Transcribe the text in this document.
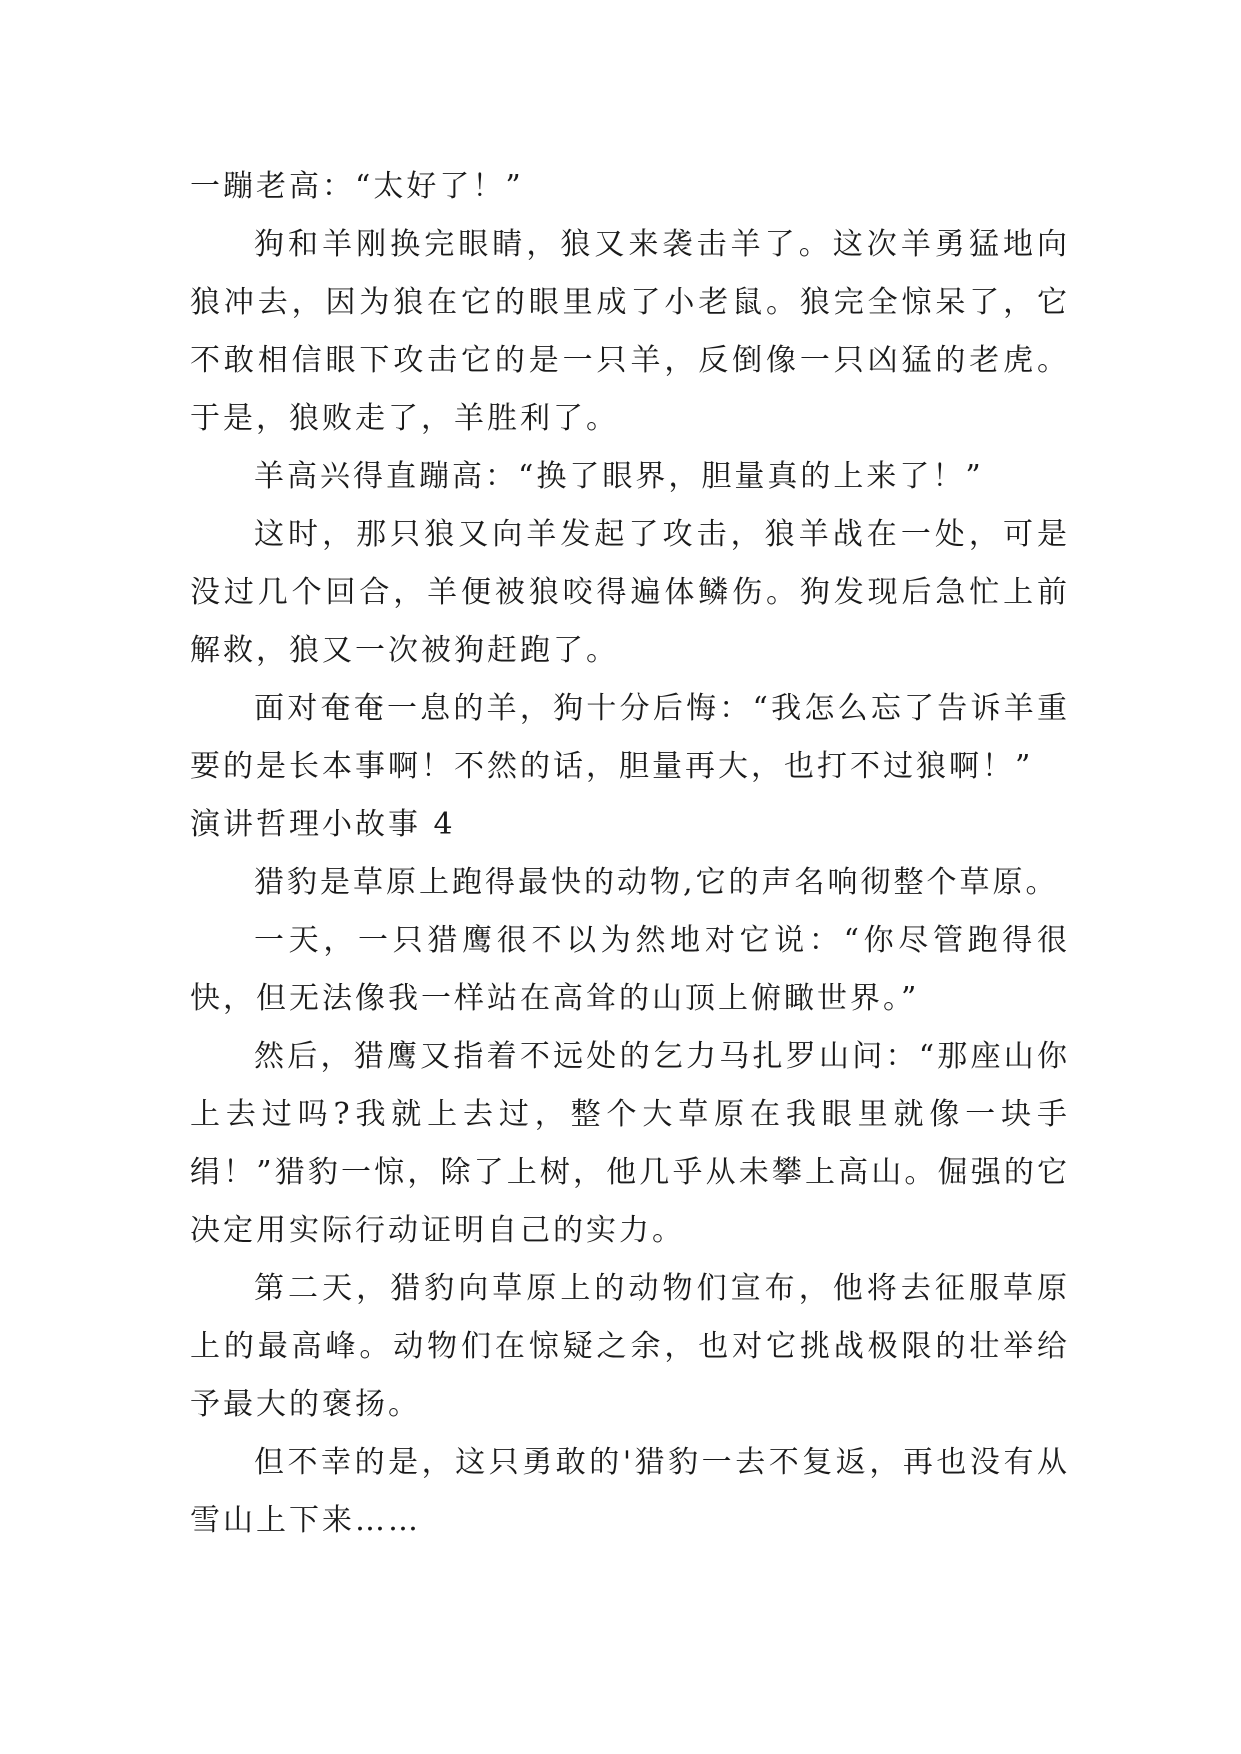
一蹦老高：“太好了！”

狗和羊刚换完眼睛，狼又来袭击羊了。这次羊勇猛地向狼冲去，因为狼在它的眼里成了小老鼠。狼完全惊呆了，它不敢相信眼下攻击它的是一只羊，反倒像一只凶猛的老虎。于是，狼败走了，羊胜利了。

羊高兴得直蹦高：“换了眼界，胆量真的上来了！”

这时，那只狼又向羊发起了攻击，狼羊战在一处，可是没过几个回合，羊便被狼咬得遍体鳞伤。狗发现后急忙上前解救，狼又一次被狗赶跑了。

面对奄奄一息的羊，狗十分后悔：“我怎么忘了告诉羊重要的是长本事啊！不然的话，胆量再大，也打不过狼啊！”

演讲哲理小故事 4

猎豹是草原上跑得最快的动物,它的声名响彻整个草原。

一天，一只猎鹰很不以为然地对它说：“你尽管跑得很快，但无法像我一样站在高耸的山顶上俯瞰世界。”

然后，猎鹰又指着不远处的乞力马扎罗山问：“那座山你上去过吗?我就上去过，整个大草原在我眼里就像一块手绢！”猎豹一惊，除了上树，他几乎从未攀上高山。倔强的它决定用实际行动证明自己的实力。

第二天，猎豹向草原上的动物们宣布，他将去征服草原上的最高峰。动物们在惊疑之余，也对它挑战极限的壮举给予最大的褒扬。

但不幸的是，这只勇敢的'猎豹一去不复返，再也没有从雪山上下来……
